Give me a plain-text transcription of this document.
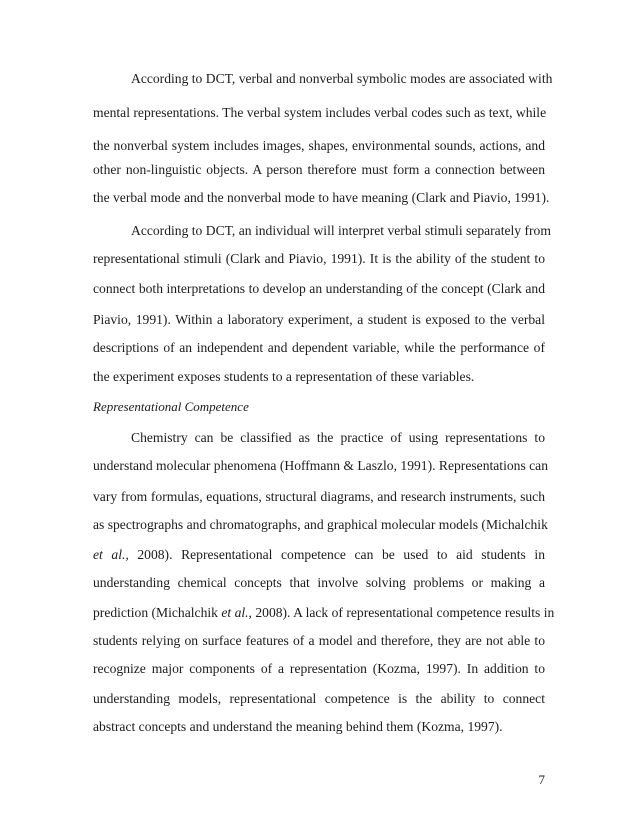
According to DCT, verbal and nonverbal symbolic modes are associated with
mental representations. The verbal system includes verbal codes such as text, while
the nonverbal system includes images, shapes, environmental sounds, actions, and
other non-linguistic objects. A person therefore must form a connection between
the verbal mode and the nonverbal mode to have meaning (Clark and Piavio, 1991).
According to DCT, an individual will interpret verbal stimuli separately from
representational stimuli (Clark and Piavio, 1991). It is the ability of the student to
connect both interpretations to develop an understanding of the concept (Clark and
Piavio, 1991). Within a laboratory experiment, a student is exposed to the verbal
descriptions of an independent and dependent variable, while the performance of
the experiment exposes students to a representation of these variables.
Representational Competence
Chemistry can be classified as the practice of using representations to
understand molecular phenomena (Hoffmann & Laszlo, 1991). Representations can
vary from formulas, equations, structural diagrams, and research instruments, such
as spectrographs and chromatographs, and graphical molecular models (Michalchik
et al., 2008). Representational competence can be used to aid students in
understanding chemical concepts that involve solving problems or making a
prediction (Michalchik et al., 2008). A lack of representational competence results in
students relying on surface features of a model and therefore, they are not able to
recognize major components of a representation (Kozma, 1997). In addition to
understanding models, representational competence is the ability to connect
abstract concepts and understand the meaning behind them (Kozma, 1997).
7
